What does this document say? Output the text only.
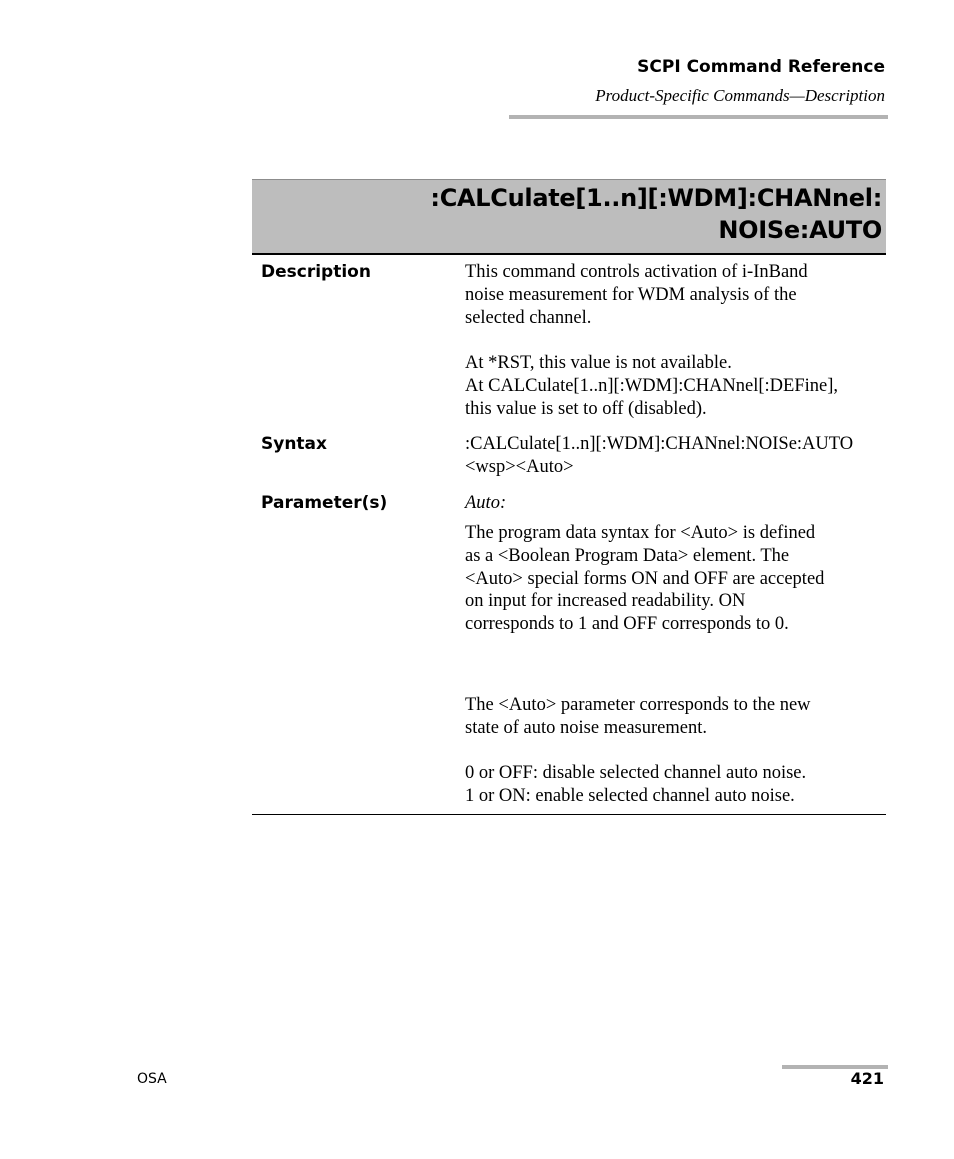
SCPI Command Reference
Product-Specific Commands—Description
:CALCulate[1..n][:WDM]:CHANnel:
NOISe:AUTO
Description	This command controls activation of i-InBand
noise measurement for WDM analysis of the
selected channel.
At *RST, this value is not available.
At CALCulate[1..n][:WDM]:CHANnel[:DEFine],
this value is set to off (disabled).
Syntax	:CALCulate[1..n][:WDM]:CHANnel:NOISe:AUTO
<wsp><Auto>
Parameter(s)	Auto:
The program data syntax for <Auto> is defined
as a <Boolean Program Data> element. The
<Auto> special forms ON and OFF are accepted
on input for increased readability. ON
corresponds to 1 and OFF corresponds to 0.
The <Auto> parameter corresponds to the new
state of auto noise measurement.
0 or OFF: disable selected channel auto noise.
1 or ON: enable selected channel auto noise.
OSA	421
